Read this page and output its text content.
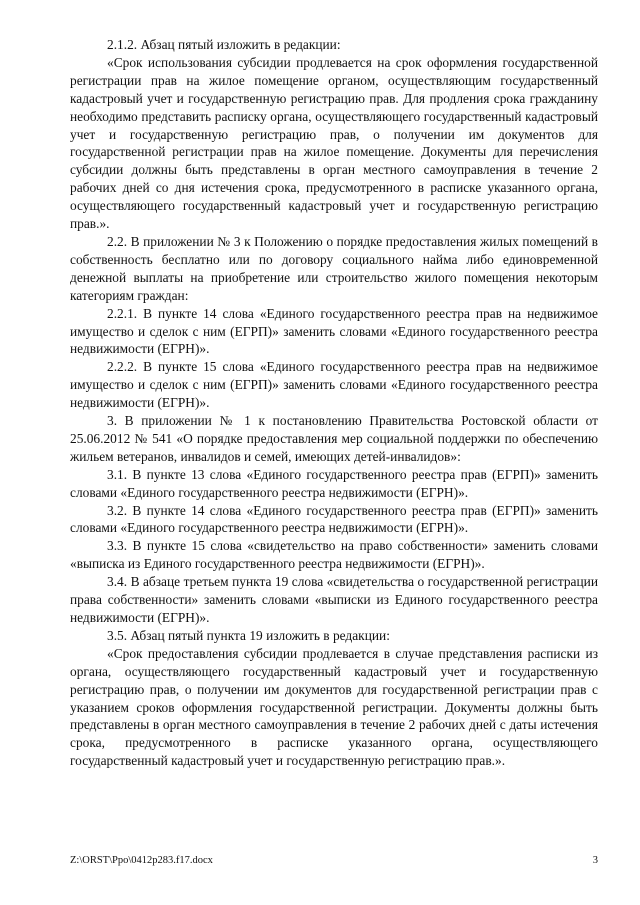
2.1.2. Абзац пятый изложить в редакции:

«Срок использования субсидии продлевается на срок оформления государственной регистрации прав на жилое помещение органом, осуществляющим государственный кадастровый учет и государственную регистрацию прав. Для продления срока гражданину необходимо представить расписку органа, осуществляющего государственный кадастровый учет и государственную регистрацию прав, о получении им документов для государственной регистрации прав на жилое помещение. Документы для перечисления субсидии должны быть представлены в орган местного самоуправления в течение 2 рабочих дней со дня истечения срока, предусмотренного в расписке указанного органа, осуществляющего государственный кадастровый учет и государственную регистрацию прав.».

2.2. В приложении № 3 к Положению о порядке предоставления жилых помещений в собственность бесплатно или по договору социального найма либо единовременной денежной выплаты на приобретение или строительство жилого помещения некоторым категориям граждан:

2.2.1. В пункте 14 слова «Единого государственного реестра прав на недвижимое имущество и сделок с ним (ЕГРП)» заменить словами «Единого государственного реестра недвижимости (ЕГРН)».

2.2.2. В пункте 15 слова «Единого государственного реестра прав на недвижимое имущество и сделок с ним (ЕГРП)» заменить словами «Единого государственного реестра недвижимости (ЕГРН)».

3. В приложении № 1 к постановлению Правительства Ростовской области от 25.06.2012 № 541 «О порядке предоставления мер социальной поддержки по обеспечению жильем ветеранов, инвалидов и семей, имеющих детей-инвалидов»:

3.1. В пункте 13 слова «Единого государственного реестра прав (ЕГРП)» заменить словами «Единого государственного реестра недвижимости (ЕГРН)».

3.2. В пункте 14 слова «Единого государственного реестра прав (ЕГРП)» заменить словами «Единого государственного реестра недвижимости (ЕГРН)».

3.3. В пункте 15 слова «свидетельство на право собственности» заменить словами «выписка из Единого государственного реестра недвижимости (ЕГРН)».

3.4. В абзаце третьем пункта 19 слова «свидетельства о государственной регистрации права собственности» заменить словами «выписки из Единого государственного реестра недвижимости (ЕГРН)».

3.5. Абзац пятый пункта 19 изложить в редакции:

«Срок предоставления субсидии продлевается в случае представления расписки из органа, осуществляющего государственный кадастровый учет и государственную регистрацию прав, о получении им документов для государственной регистрации прав с указанием сроков оформления государственной регистрации. Документы должны быть представлены в орган местного самоуправления в течение 2 рабочих дней с даты истечения срока, предусмотренного в расписке указанного органа, осуществляющего государственный кадастровый учет и государственную регистрацию прав.».

Z:\ORST\Ppo\0412p283.f17.docx	3
